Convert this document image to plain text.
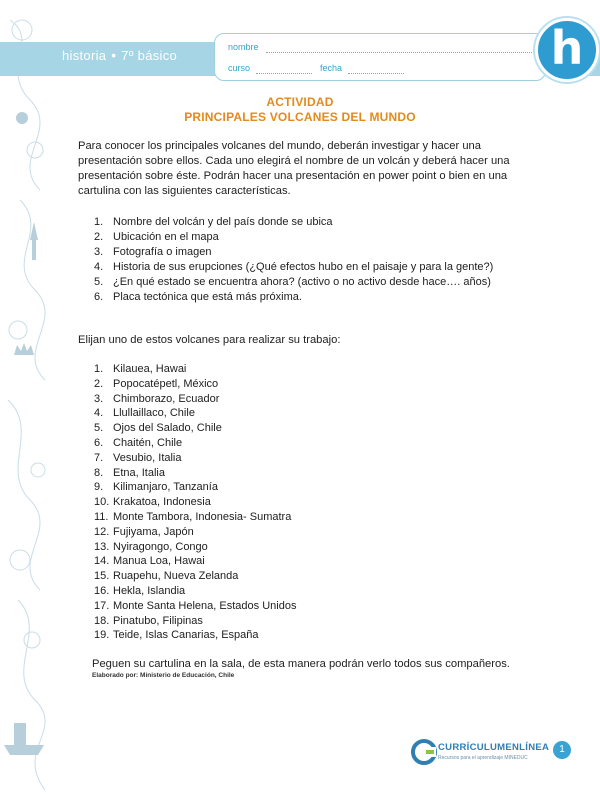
historia • 7º básico
nombre
curso	fecha	h
ACTIVIDAD
PRINCIPALES VOLCANES DEL MUNDO

Para conocer los principales volcanes del mundo, deberán investigar y hacer una presentación sobre ellos. Cada uno elegirá el nombre de un volcán y deberá hacer una presentación sobre éste. Podrán hacer una presentación en power point o bien en una cartulina con las siguientes características.

1. Nombre del volcán y del país donde se ubica
2. Ubicación en el mapa
3. Fotografía o imagen
4. Historia de sus erupciones (¿Qué efectos hubo en el paisaje y para la gente?)
5. ¿En qué estado se encuentra ahora? (activo o no activo desde hace…. años)
6. Placa tectónica que está más próxima.

Elijan uno de estos volcanes para realizar su trabajo:

1. Kilauea, Hawai
2. Popocatépetl, México
3. Chimborazo, Ecuador
4. Llullaillaco, Chile
5. Ojos del Salado, Chile
6. Chaitén, Chile
7. Vesubio, Italia
8. Etna, Italia
9. Kilimanjaro, Tanzanía
10. Krakatoa, Indonesia
11. Monte Tambora, Indonesia- Sumatra
12. Fujiyama, Japón
13. Nyiragongo, Congo
14. Manua Loa, Hawai
15. Ruapehu, Nueva Zelanda
16. Hekla, Islandia
17. Monte Santa Helena, Estados Unidos
18. Pinatubo, Filipinas
19. Teide, Islas Canarias, España

Peguen su cartulina en la sala, de esta manera podrán verlo todos sus compañeros.

Elaborado por: Ministerio de Educación, Chile
CURRÍCULUMENLÍNEA
Recursos para el aprendizaje MINEDUC
1
